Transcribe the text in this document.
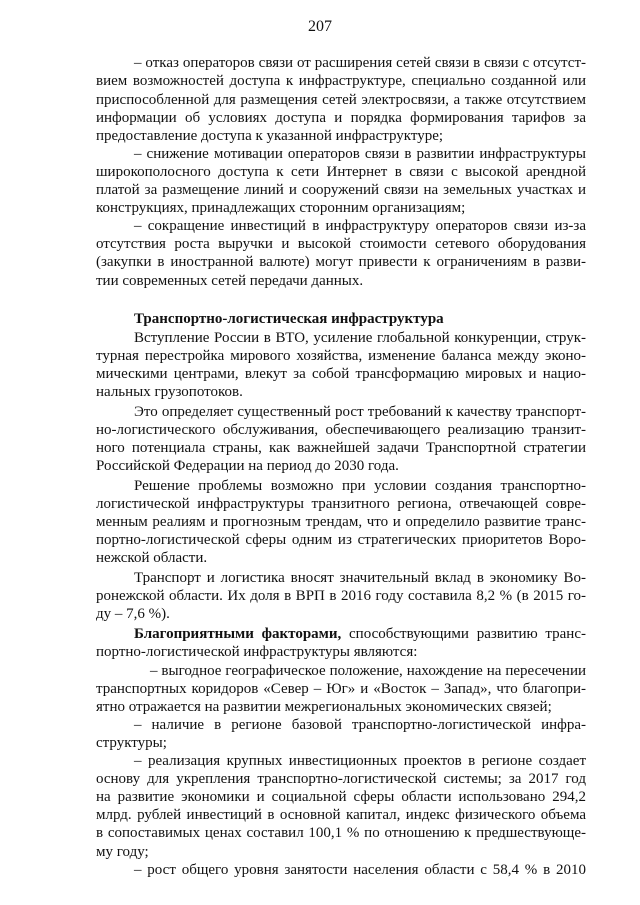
207
– отказ операторов связи от расширения сетей связи в связи с отсутст-
вием возможностей доступа к инфраструктуре, специально созданной или
приспособленной для размещения сетей электросвязи, а также отсутствием
информации об условиях доступа и порядка формирования тарифов за
предоставление доступа к указанной инфраструктуре;
– снижение мотивации операторов связи в развитии инфраструктуры
широкополосного доступа к сети Интернет в связи с высокой арендной
платой за размещение линий и сооружений связи на земельных участках и
конструкциях, принадлежащих сторонним организациям;
– сокращение инвестиций в инфраструктуру операторов связи из-за
отсутствия роста выручки и высокой стоимости сетевого оборудования
(закупки в иностранной валюте) могут привести к ограничениям в разви-
тии современных сетей передачи данных.
Транспортно-логистическая инфраструктура
Вступление России в ВТО, усиление глобальной конкуренции, струк-
турная перестройка мирового хозяйства, изменение баланса между эконо-
мическими центрами, влекут за собой трансформацию мировых и нацио-
нальных грузопотоков.
Это определяет существенный рост требований к качеству транспорт-
но-логистического обслуживания, обеспечивающего реализацию транзит-
ного потенциала страны, как важнейшей задачи Транспортной стратегии
Российской Федерации на период до 2030 года.
Решение проблемы возможно при условии создания транспортно-
логистической инфраструктуры транзитного региона, отвечающей совре-
менным реалиям и прогнозным трендам, что и определило развитие транс-
портно-логистической сферы одним из стратегических приоритетов Воро-
нежской области.
Транспорт и логистика вносят значительный вклад в экономику Во-
ронежской области. Их доля в ВРП в 2016 году составила 8,2 % (в 2015 го-
ду – 7,6 %).
Благоприятными факторами, способствующими развитию транс-
портно-логистической инфраструктуры являются:
– выгодное географическое положение, нахождение на пересечении
транспортных коридоров «Север – Юг» и «Восток – Запад», что благопри-
ятно отражается на развитии межрегиональных экономических связей;
– наличие в регионе базовой транспортно-логистической инфра-
структуры;
– реализация крупных инвестиционных проектов в регионе создает
основу для укрепления транспортно-логистической системы; за 2017 год
на развитие экономики и социальной сферы области использовано 294,2
млрд. рублей инвестиций в основной капитал, индекс физического объема
в сопоставимых ценах составил 100,1 % по отношению к предшествующе-
му году;
– рост общего уровня занятости населения области с 58,4 % в 2010
